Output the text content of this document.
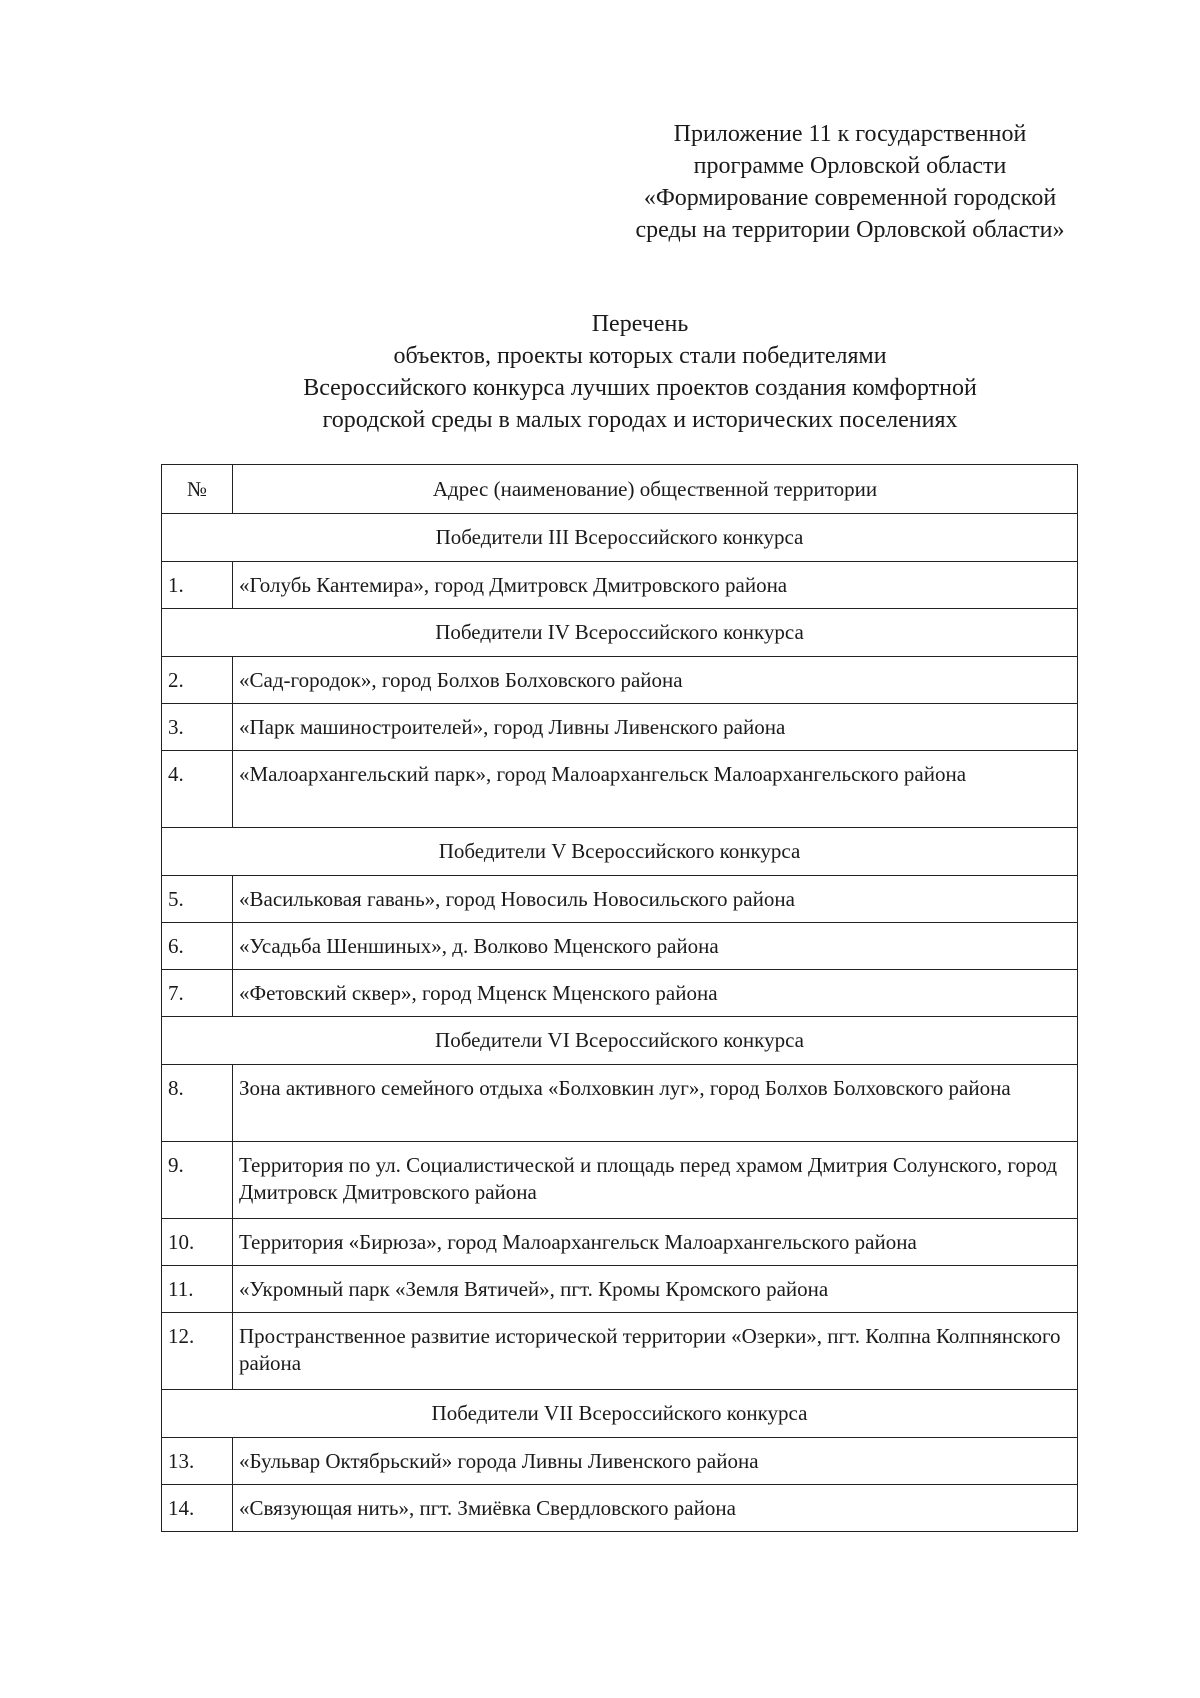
Приложение 11 к государственной
программе Орловской области
«Формирование современной городской
среды на территории Орловской области»
Перечень
объектов, проекты которых стали победителями
Всероссийского конкурса лучших проектов создания комфортной
городской среды в малых городах и исторических поселениях
№	Адрес (наименование) общественной территории
Победители III Всероссийского конкурса	
1.	«Голубь Кантемира», город Дмитровск Дмитровского района
Победители IV Всероссийского конкурса	
2.	«Сад-городок», город Болхов Болховского района
3.	«Парк машиностроителей», город Ливны Ливенского района
4.	«Малоархангельский парк», город Малоархангельск Малоархангельского района
Победители V Всероссийского конкурса	
5.	«Васильковая гавань», город Новосиль Новосильского района
6.	«Усадьба Шеншиных», д. Волково Мценского района
7.	«Фетовский сквер», город Мценск Мценского района
Победители VI Всероссийского конкурса	
8.	Зона активного семейного отдыха «Болховкин луг», город Болхов Болховского района
9.	Территория по ул. Социалистической и площадь перед храмом Дмитрия Солунского, город Дмитровск Дмитровского района
10.	Территория «Бирюза», город Малоархангельск Малоархангельского района
11.	«Укромный парк «Земля Вятичей», пгт. Кромы Кромского района
12.	Пространственное развитие исторической территории «Озерки», пгт. Колпна Колпнянского района
Победители VII Всероссийского конкурса	
13.	«Бульвар Октябрьский» города Ливны Ливенского района
14.	«Связующая нить», пгт. Змиёвка Свердловского района
